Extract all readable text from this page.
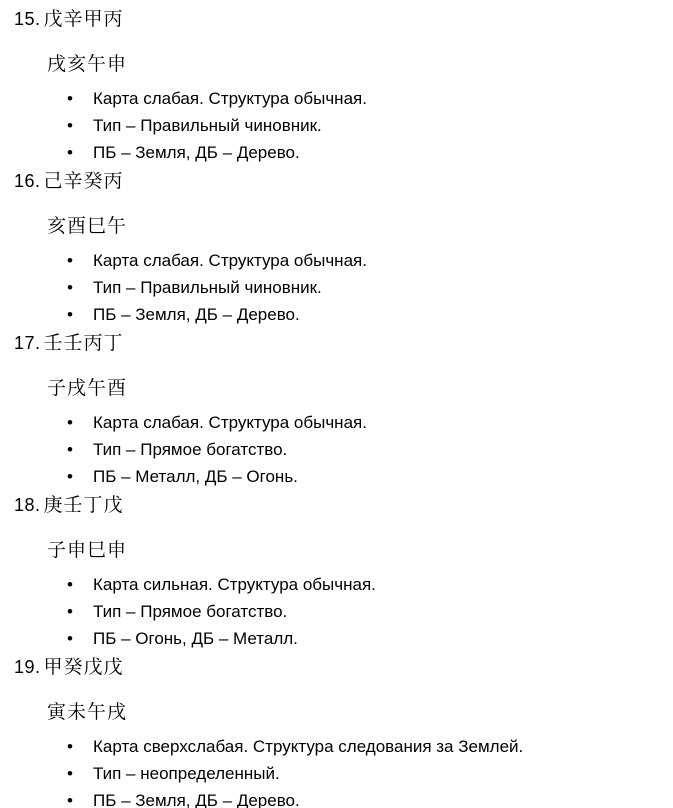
15. 戊辛甲丙
戌亥午申
• Карта слабая. Структура обычная.
• Тип – Правильный чиновник.
• ПБ – Земля, ДБ – Дерево.
16. 己辛癸丙
亥酉巳午
• Карта слабая. Структура обычная.
• Тип – Правильный чиновник.
• ПБ – Земля, ДБ – Дерево.
17. 壬壬丙丁
子戌午酉
• Карта слабая. Структура обычная.
• Тип – Прямое богатство.
• ПБ – Металл, ДБ – Огонь.
18. 庚壬丁戊
子申巳申
• Карта сильная. Структура обычная.
• Тип – Прямое богатство.
• ПБ – Огонь, ДБ – Металл.
19. 甲癸戊戊
寅未午戌
• Карта сверхслабая. Структура следования за Землей.
• Тип – неопределенный.
• ПБ – Земля, ДБ – Дерево.
